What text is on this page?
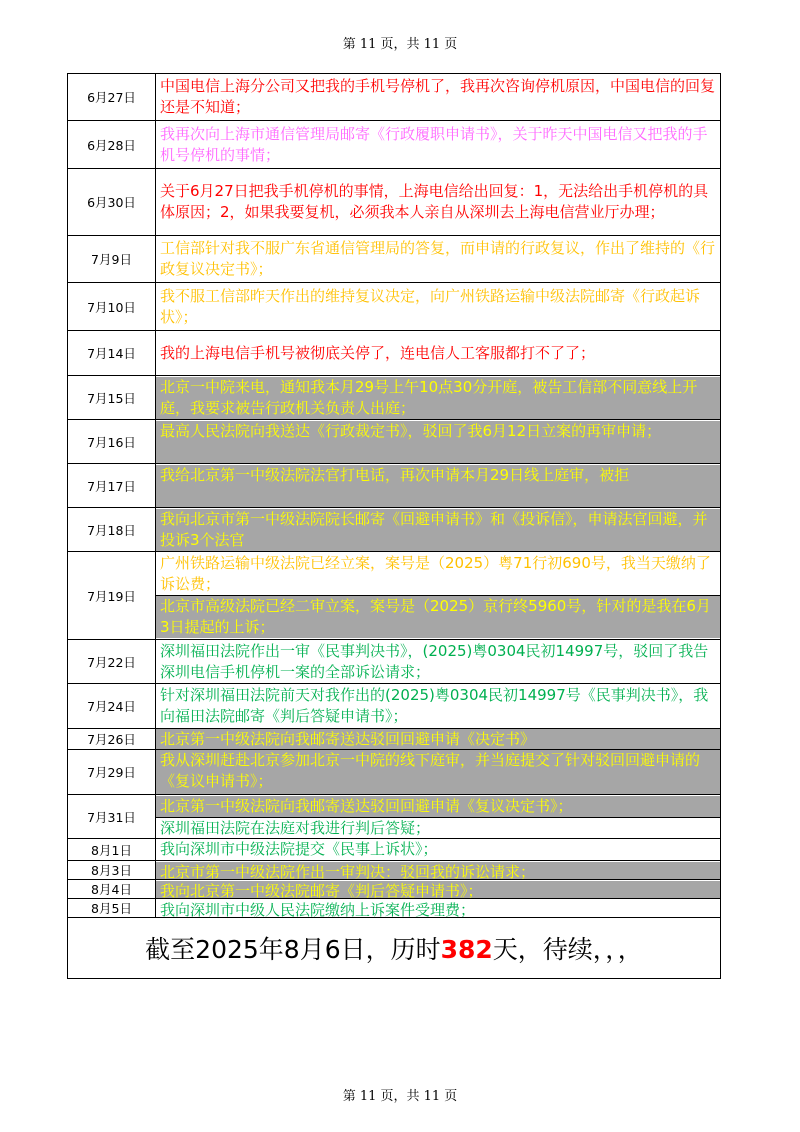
第 11 页，共 11 页
6月27日	中国电信上海分公司又把我的手机号停机了，我再次咨询停机原因，中国电信的回复还是不知道；

6月28日	我再次向上海市通信管理局邮寄《行政履职申请书》，关于昨天中国电信又把我的手机号停机的事情；

6月30日	关于6月27日把我手机停机的事情，上海电信给出回复：1，无法给出手机停机的具体原因；2，如果我要复机，必须我本人亲自从深圳去上海电信营业厅办理；

7月9日	工信部针对我不服广东省通信管理局的答复，而申请的行政复议，作出了维持的《行政复议决定书》；

7月10日	我不服工信部昨天作出的维持复议决定，向广州铁路运输中级法院邮寄《行政起诉状》；

7月14日	我的上海电信手机号被彻底关停了，连电信人工客服都打不了了；

7月15日	北京一中院来电，通知我本月29号上午10点30分开庭，被告工信部不同意线上开庭，我要求被告行政机关负责人出庭；

7月16日	最高人民法院向我送达《行政裁定书》，驳回了我6月12日立案的再审申请；

7月17日	我给北京第一中级法院法官打电话，再次申请本月29日线上庭审，被拒

7月18日	我向北京市第一中级法院院长邮寄《回避申请书》和《投诉信》，申请法官回避，并投诉3个法官

7月19日	广州铁路运输中级法院已经立案，案号是（2025）粤71行初690号，我当天缴纳了诉讼费；
北京市高级法院已经二审立案，案号是（2025）京行终5960号，针对的是我在6月3日提起的上诉；

7月22日	深圳福田法院作出一审《民事判决书》，(2025)粤0304民初14997号，驳回了我告深圳电信手机停机一案的全部诉讼请求；

7月24日	针对深圳福田法院前天对我作出的(2025)粤0304民初14997号《民事判决书》，我向福田法院邮寄《判后答疑申请书》；

7月26日	北京第一中级法院向我邮寄送达驳回回避申请《决定书》

7月29日	我从深圳赶赴北京参加北京一中院的线下庭审，并当庭提交了针对驳回回避申请的《复议申请书》；

7月31日	北京第一中级法院向我邮寄送达驳回回避申请《复议决定书》；
深圳福田法院在法庭对我进行判后答疑；

8月1日	我向深圳市中级法院提交《民事上诉状》；

8月3日	北京市第一中级法院作出一审判决：驳回我的诉讼请求；

8月4日	我向北京第一中级法院邮寄《判后答疑申请书》；

8月5日	我向深圳市中级人民法院缴纳上诉案件受理费；

截至2025年8月6日，历时382天，待续，，，	
第 11 页，共 11 页
